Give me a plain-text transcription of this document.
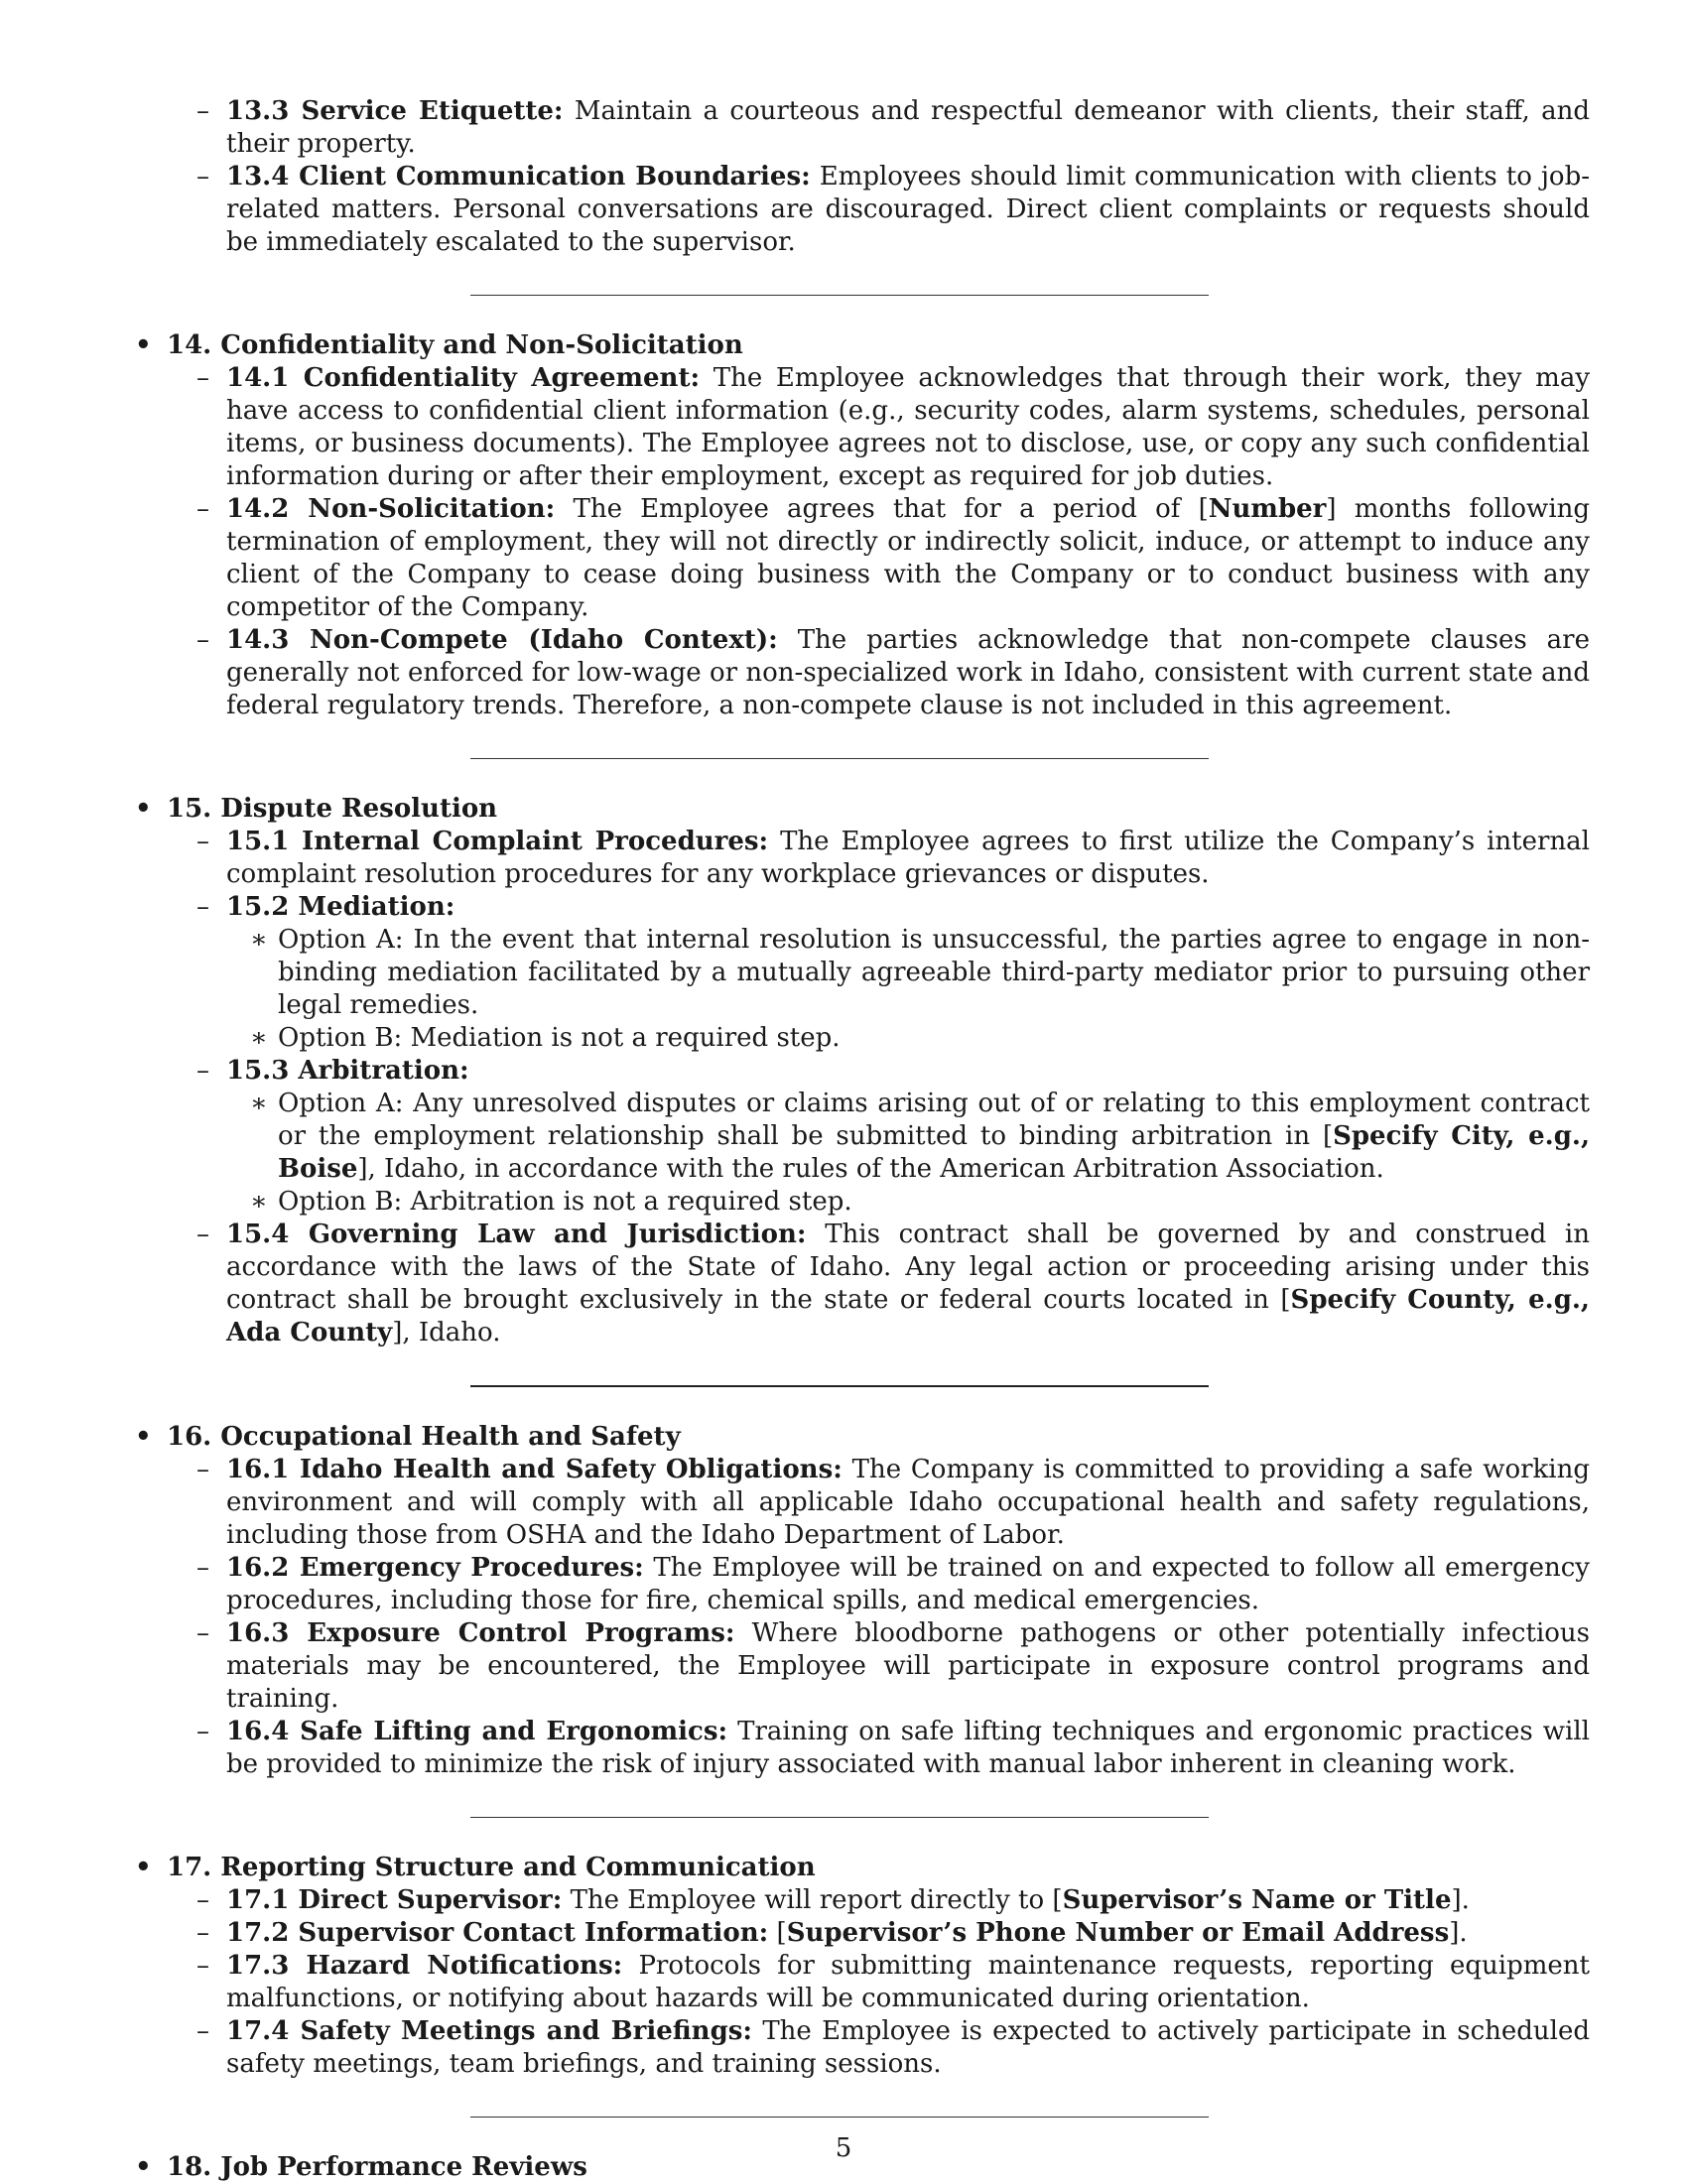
– 13.3 Service Etiquette: Maintain a courteous and respectful demeanor with clients, their staff, and their property.
– 13.4 Client Communication Boundaries: Employees should limit communication with clients to job-related matters. Personal conversations are discouraged. Direct client complaints or requests should be immediately escalated to the supervisor.
• 14. Confidentiality and Non-Solicitation
– 14.1 Confidentiality Agreement: The Employee acknowledges that through their work, they may have access to confidential client information (e.g., security codes, alarm systems, schedules, personal items, or business documents). The Employee agrees not to disclose, use, or copy any such confidential information during or after their employment, except as required for job duties.
– 14.2 Non-Solicitation: The Employee agrees that for a period of [Number] months following termination of employment, they will not directly or indirectly solicit, induce, or attempt to induce any client of the Company to cease doing business with the Company or to conduct business with any competitor of the Company.
– 14.3 Non-Compete (Idaho Context): The parties acknowledge that non-compete clauses are generally not enforced for low-wage or non-specialized work in Idaho, consistent with current state and federal regulatory trends. Therefore, a non-compete clause is not included in this agreement.
• 15. Dispute Resolution
– 15.1 Internal Complaint Procedures: The Employee agrees to first utilize the Company’s internal complaint resolution procedures for any workplace grievances or disputes.
– 15.2 Mediation:
∗ Option A: In the event that internal resolution is unsuccessful, the parties agree to engage in non-binding mediation facilitated by a mutually agreeable third-party mediator prior to pursuing other legal remedies.
∗ Option B: Mediation is not a required step.
– 15.3 Arbitration:
∗ Option A: Any unresolved disputes or claims arising out of or relating to this employment contract or the employment relationship shall be submitted to binding arbitration in [Specify City, e.g., Boise], Idaho, in accordance with the rules of the American Arbitration Association.
∗ Option B: Arbitration is not a required step.
– 15.4 Governing Law and Jurisdiction: This contract shall be governed by and construed in accordance with the laws of the State of Idaho. Any legal action or proceeding arising under this contract shall be brought exclusively in the state or federal courts located in [Specify County, e.g., Ada County], Idaho.
• 16. Occupational Health and Safety
– 16.1 Idaho Health and Safety Obligations: The Company is committed to providing a safe working environment and will comply with all applicable Idaho occupational health and safety regulations, including those from OSHA and the Idaho Department of Labor.
– 16.2 Emergency Procedures: The Employee will be trained on and expected to follow all emergency procedures, including those for fire, chemical spills, and medical emergencies.
– 16.3 Exposure Control Programs: Where bloodborne pathogens or other potentially infectious materials may be encountered, the Employee will participate in exposure control programs and training.
– 16.4 Safe Lifting and Ergonomics: Training on safe lifting techniques and ergonomic practices will be provided to minimize the risk of injury associated with manual labor inherent in cleaning work.
• 17. Reporting Structure and Communication
– 17.1 Direct Supervisor: The Employee will report directly to [Supervisor’s Name or Title].
– 17.2 Supervisor Contact Information: [Supervisor’s Phone Number or Email Address].
– 17.3 Hazard Notifications: Protocols for submitting maintenance requests, reporting equipment malfunctions, or notifying about hazards will be communicated during orientation.
– 17.4 Safety Meetings and Briefings: The Employee is expected to actively participate in scheduled safety meetings, team briefings, and training sessions.
• 18. Job Performance Reviews
5
